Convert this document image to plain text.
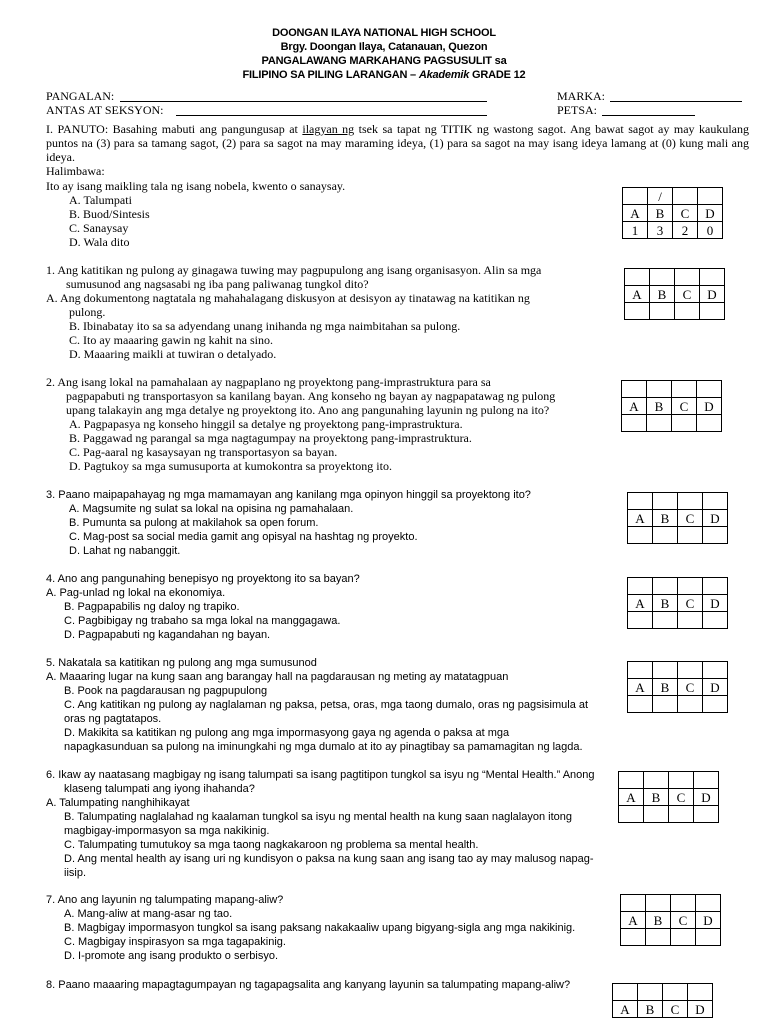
DOONGAN ILAYA NATIONAL HIGH SCHOOL
Brgy. Doongan Ilaya, Catanauan, Quezon
PANGALAWANG MARKAHANG PAGSUSULIT sa
FILIPINO SA PILING LARANGAN – Akademik GRADE 12
PANGALAN:	MARKA:
ANTAS AT SEKSYON:	PETSA:
I. PANUTO: Basahing mabuti ang pangungusap at ilagyan ng tsek sa tapat ng TITIK ng wastong sagot. Ang bawat sagot ay may kaukulang puntos na (3) para sa tamang sagot, (2) para sa sagot na may maraming ideya, (1) para sa sagot na may isang ideya lamang at (0) kung mali ang ideya.
Halimbawa:
Ito ay isang maikling tala ng isang nobela, kwento o sanaysay.
A. Talumpati
B. Buod/Sintesis
C. Sanaysay
D. Wala dito
	/		
A	B	C	D
1	3	2	0
1. Ang katitikan ng pulong ay ginagawa tuwing may pagpupulong ang isang organisasyon. Alin sa mga
sumusunod ang nagsasabi ng iba pang paliwanag tungkol dito?
A. Ang dokumentong nagtatala ng mahahalagang diskusyon at desisyon ay tinatawag na katitikan ng
pulong.
B. Ibinabatay ito sa sa adyendang unang inihanda ng mga naimbitahan sa pulong.
C. Ito ay maaaring gawin ng kahit na sino.
D. Maaaring maikli at tuwiran o detalyado.

A	B	C	D

2. Ang isang lokal na pamahalaan ay nagpaplano ng proyektong pang-imprastruktura para sa
pagpapabuti ng transportasyon sa kanilang bayan. Ang konseho ng bayan ay nagpapatawag ng pulong
upang talakayin ang mga detalye ng proyektong ito. Ano ang pangunahing layunin ng pulong na ito?
A. Pagpapasya ng konseho hinggil sa detalye ng proyektong pang-imprastruktura.
B. Paggawad ng parangal sa mga nagtagumpay na proyektong pang-imprastruktura.
C. Pag-aaral ng kasaysayan ng transportasyon sa bayan.
D. Pagtukoy sa mga sumusuporta at kumokontra sa proyektong ito.

A	B	C	D

3. Paano maipapahayag ng mga mamamayan ang kanilang mga opinyon hinggil sa proyektong ito?
A. Magsumite ng sulat sa lokal na opisina ng pamahalaan.
B. Pumunta sa pulong at makilahok sa open forum.
C. Mag-post sa social media gamit ang opisyal na hashtag ng proyekto.
D. Lahat ng nabanggit.

A	B	C	D

4. Ano ang pangunahing benepisyo ng proyektong ito sa bayan?
A. Pag-unlad ng lokal na ekonomiya.
B. Pagpapabilis ng daloy ng trapiko.
C. Pagbibigay ng trabaho sa mga lokal na manggagawa.
D. Pagpapabuti ng kagandahan ng bayan.

A	B	C	D

5. Nakatala sa katitikan ng pulong ang mga sumusunod
A. Maaaring lugar na kung saan ang barangay hall na pagdarausan ng meting ay matatagpuan
B. Pook na pagdarausan ng pagpupulong
C. Ang katitikan ng pulong ay naglalaman ng paksa, petsa, oras, mga taong dumalo, oras ng pagsisimula at
oras ng pagtatapos.
D. Makikita sa katitikan ng pulong ang mga impormasyong gaya ng agenda o paksa at mga
napagkasunduan sa pulong na iminungkahi ng mga dumalo at ito ay pinagtibay sa pamamagitan ng lagda.

A	B	C	D

6. Ikaw ay naatasang magbigay ng isang talumpati sa isang pagtitipon tungkol sa isyu ng “Mental Health.” Anong
klaseng talumpati ang iyong ihahanda?
A. Talumpating nanghihikayat
B. Talumpating naglalahad ng kaalaman tungkol sa isyu ng mental health na kung saan naglalayon itong
magbigay-impormasyon sa mga nakikinig.
C. Talumpating tumutukoy sa mga taong nagkakaroon ng problema sa mental health.
D. Ang mental health ay isang uri ng kundisyon o paksa na kung saan ang isang tao ay may malusog napag-
iisip.

A	B	C	D

7. Ano ang layunin ng talumpating mapang-aliw?
A. Mang-aliw at mang-asar ng tao.
B. Magbigay impormasyon tungkol sa isang paksang nakakaaliw upang bigyang-sigla ang mga nakikinig.
C. Magbigay inspirasyon sa mga tagapakinig.
D. I-promote ang isang produkto o serbisyo.

A	B	C	D

8. Paano maaaring mapagtagumpayan ng tagapagsalita ang kanyang layunin sa talumpating mapang-aliw?

A	B	C	D
